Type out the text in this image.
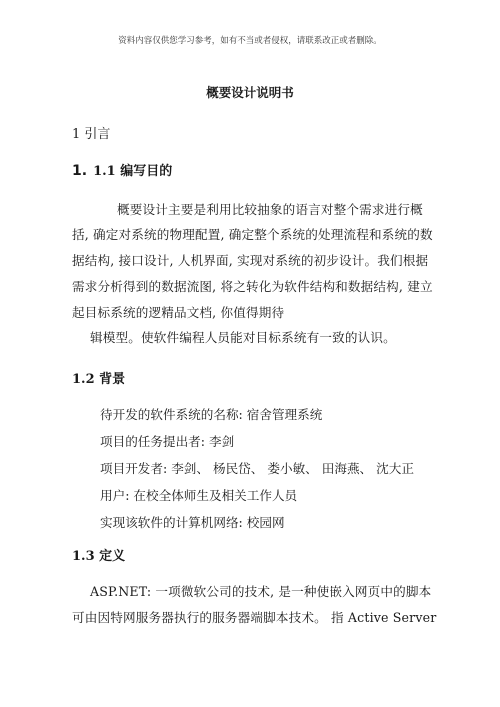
资料内容仅供您学习参考，如有不当或者侵权，请联系改正或者删除。
概要设计说明书
1 引言
1. 1.1 编写目的
概要设计主要是利用比较抽象的语言对整个需求进行概
括, 确定对系统的物理配置, 确定整个系统的处理流程和系统的数
据结构, 接口设计, 人机界面, 实现对系统的初步设计。我们根据
需求分析得到的数据流图, 将之转化为软件结构和数据结构, 建立
起目标系统的逻精品文档, 你值得期待
辑模型。使软件编程人员能对目标系统有一致的认识。
1.2 背景
待开发的软件系统的名称: 宿舍管理系统
项目的任务提出者: 李剑
项目开发者: 李剑、 杨民岱、 娄小敏、 田海燕、 沈大正
用户: 在校全体师生及相关工作人员
实现该软件的计算机网络: 校园网
1.3 定义
ASP.NET: 一项微软公司的技术, 是一种使嵌入网页中的脚本
可由因特网服务器执行的服务器端脚本技术。 指 Active Server
